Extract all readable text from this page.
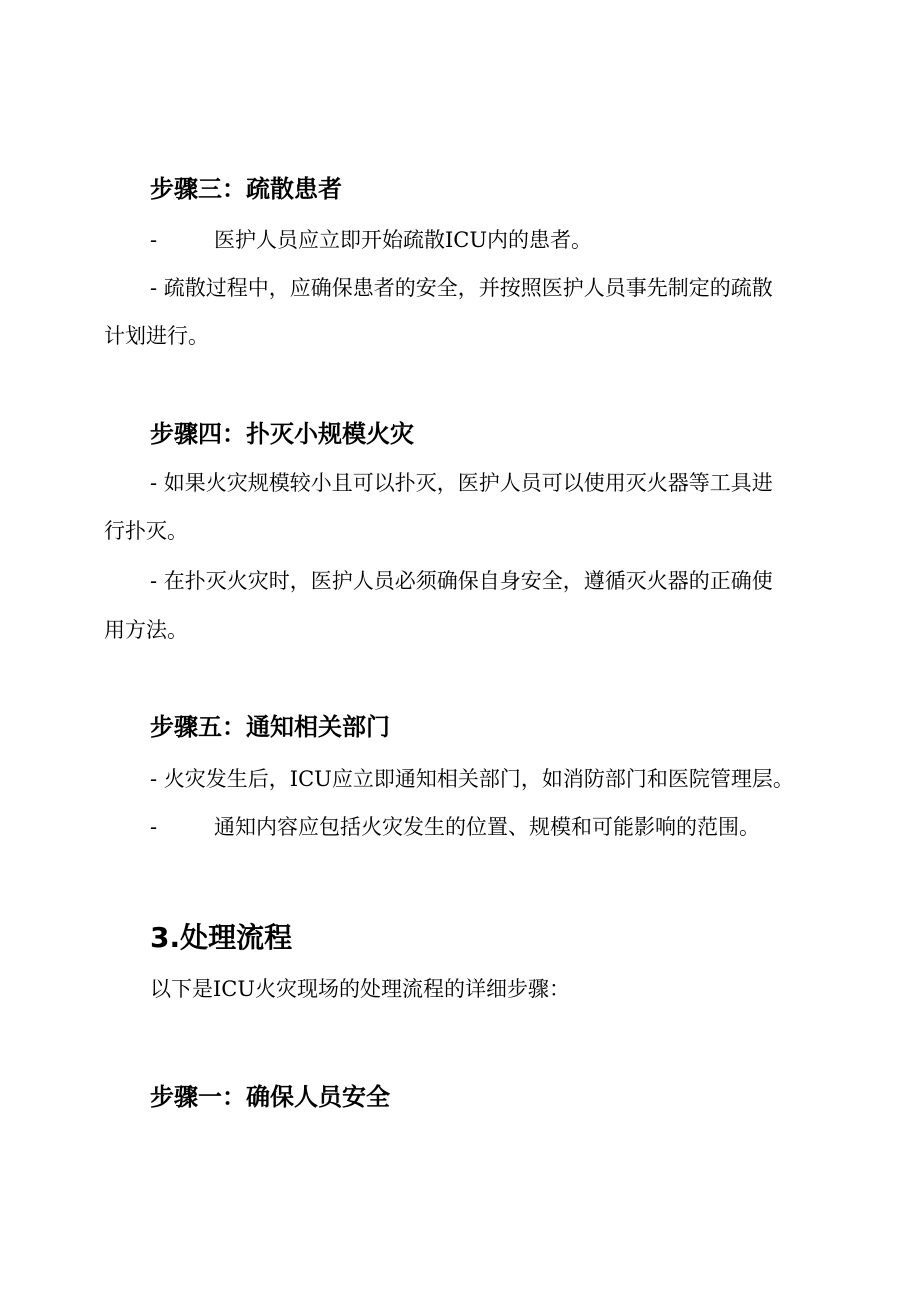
步骤三：疏散患者
-	医护人员应立即开始疏散ICU内的患者。
- 疏散过程中，应确保患者的安全，并按照医护人员事先制定的疏散
计划进行。
步骤四：扑灭小规模火灾
- 如果火灾规模较小且可以扑灭，医护人员可以使用灭火器等工具进
行扑灭。
- 在扑灭火灾时，医护人员必须确保自身安全，遵循灭火器的正确使
用方法。
步骤五：通知相关部门
- 火灾发生后，ICU应立即通知相关部门，如消防部门和医院管理层。
-	通知内容应包括火灾发生的位置、规模和可能影响的范围。
3.处理流程
以下是ICU火灾现场的处理流程的详细步骤：
步骤一：确保人员安全
